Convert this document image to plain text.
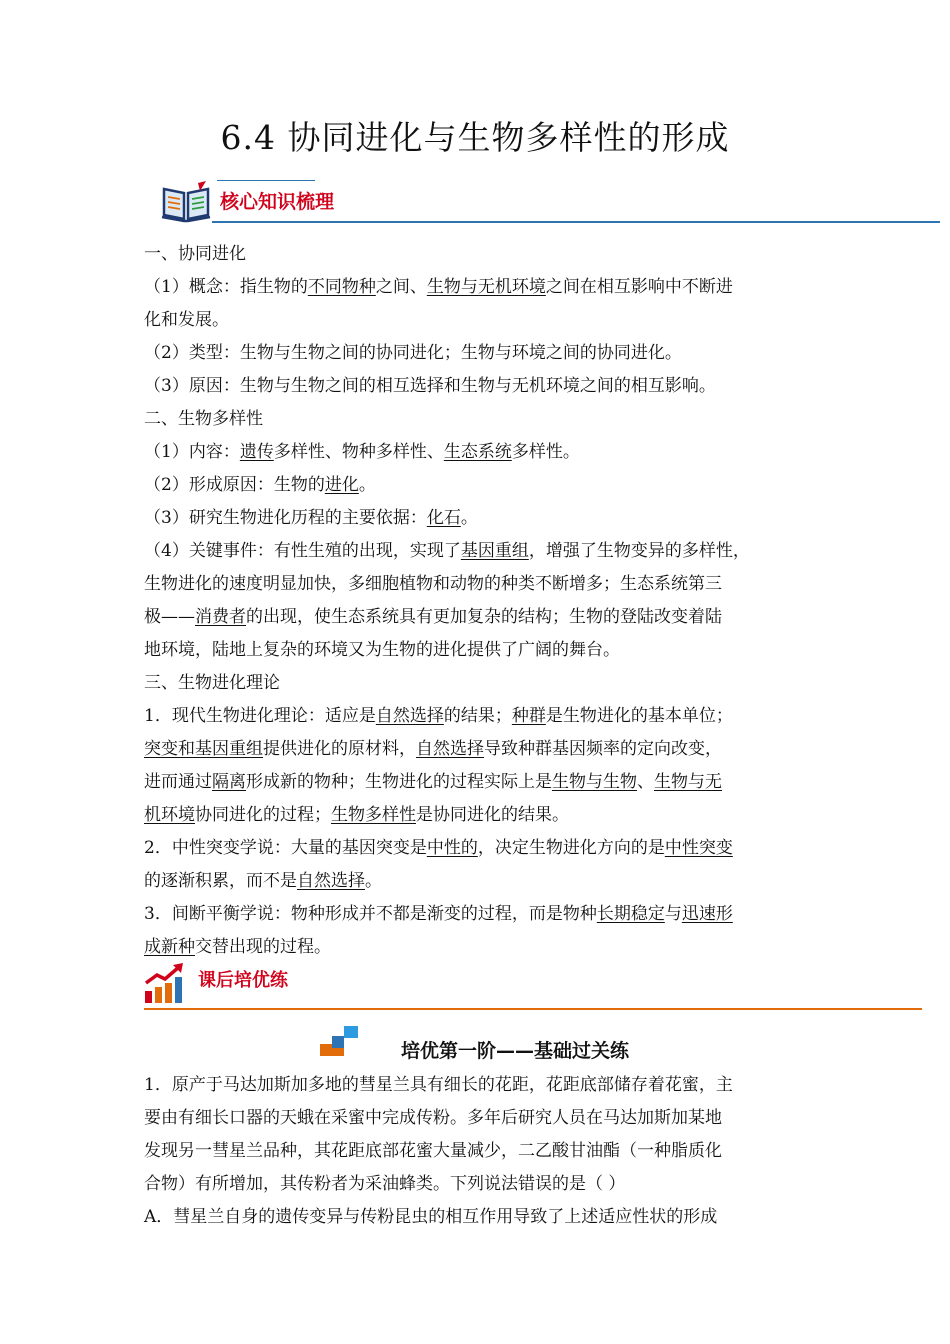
6.4 协同进化与生物多样性的形成
核心知识梳理
一、协同进化
（1）概念：指生物的不同物种之间、生物与无机环境之间在相互影响中不断进
化和发展。
（2）类型：生物与生物之间的协同进化；生物与环境之间的协同进化。
（3）原因：生物与生物之间的相互选择和生物与无机环境之间的相互影响。
二、生物多样性
（1）内容：遗传多样性、物种多样性、生态系统多样性。
（2）形成原因：生物的进化。
（3）研究生物进化历程的主要依据：化石。
（4）关键事件：有性生殖的出现，实现了基因重组，增强了生物变异的多样性，
生物进化的速度明显加快，多细胞植物和动物的种类不断增多；生态系统第三
极——消费者的出现，使生态系统具有更加复杂的结构；生物的登陆改变着陆
地环境，陆地上复杂的环境又为生物的进化提供了广阔的舞台。
三、生物进化理论
1．现代生物进化理论：适应是自然选择的结果；种群是生物进化的基本单位；
突变和基因重组提供进化的原材料，自然选择导致种群基因频率的定向改变，
进而通过隔离形成新的物种；生物进化的过程实际上是生物与生物、生物与无
机环境协同进化的过程；生物多样性是协同进化的结果。
2．中性突变学说：大量的基因突变是中性的，决定生物进化方向的是中性突变
的逐渐积累，而不是自然选择。
3．间断平衡学说：物种形成并不都是渐变的过程，而是物种长期稳定与迅速形
成新种交替出现的过程。
课后培优练
培优第一阶——基础过关练
1．原产于马达加斯加多地的彗星兰具有细长的花距，花距底部储存着花蜜，主
要由有细长口器的天蛾在采蜜中完成传粉。多年后研究人员在马达加斯加某地
发现另一彗星兰品种，其花距底部花蜜大量减少，二乙酸甘油酯（一种脂质化
合物）有所增加，其传粉者为采油蜂类。下列说法错误的是（ ）
A．彗星兰自身的遗传变异与传粉昆虫的相互作用导致了上述适应性状的形成
